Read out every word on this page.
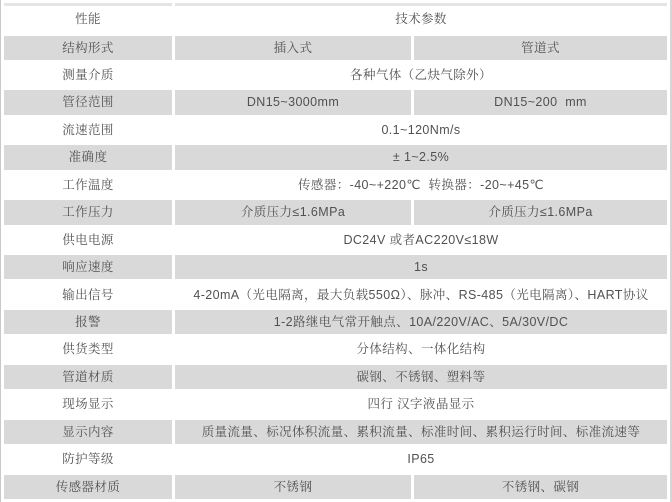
性能	技术参数	
结构形式	插入式	管道式
测量介质	各种气体（乙炔气除外）	
管径范围	DN15~3000mm	DN15~200  mm
流速范围	0.1~120Nm/s	
准确度	± 1~2.5%	
工作温度	传感器：-40~+220℃  转换器：-20~+45℃	
工作压力	介质压力≤1.6MPa	介质压力≤1.6MPa
供电电源	DC24V 或者AC220V≤18W	
响应速度	1s	
输出信号	4-20mA（光电隔离，最大负载550Ω）、脉冲、RS-485（光电隔离）、HART协议	
报警	1-2路继电气常开触点、10A/220V/AC、5A/30V/DC	
供货类型	分体结构、一体化结构	
管道材质	碳钢、不锈钢、塑料等	
现场显示	四行 汉字液晶显示	
显示内容	质量流量、标况体积流量、累积流量、标准时间、累积运行时间、标准流速等	
防护等级	IP65	
传感器材质	不锈钢	不锈钢、碳钢
